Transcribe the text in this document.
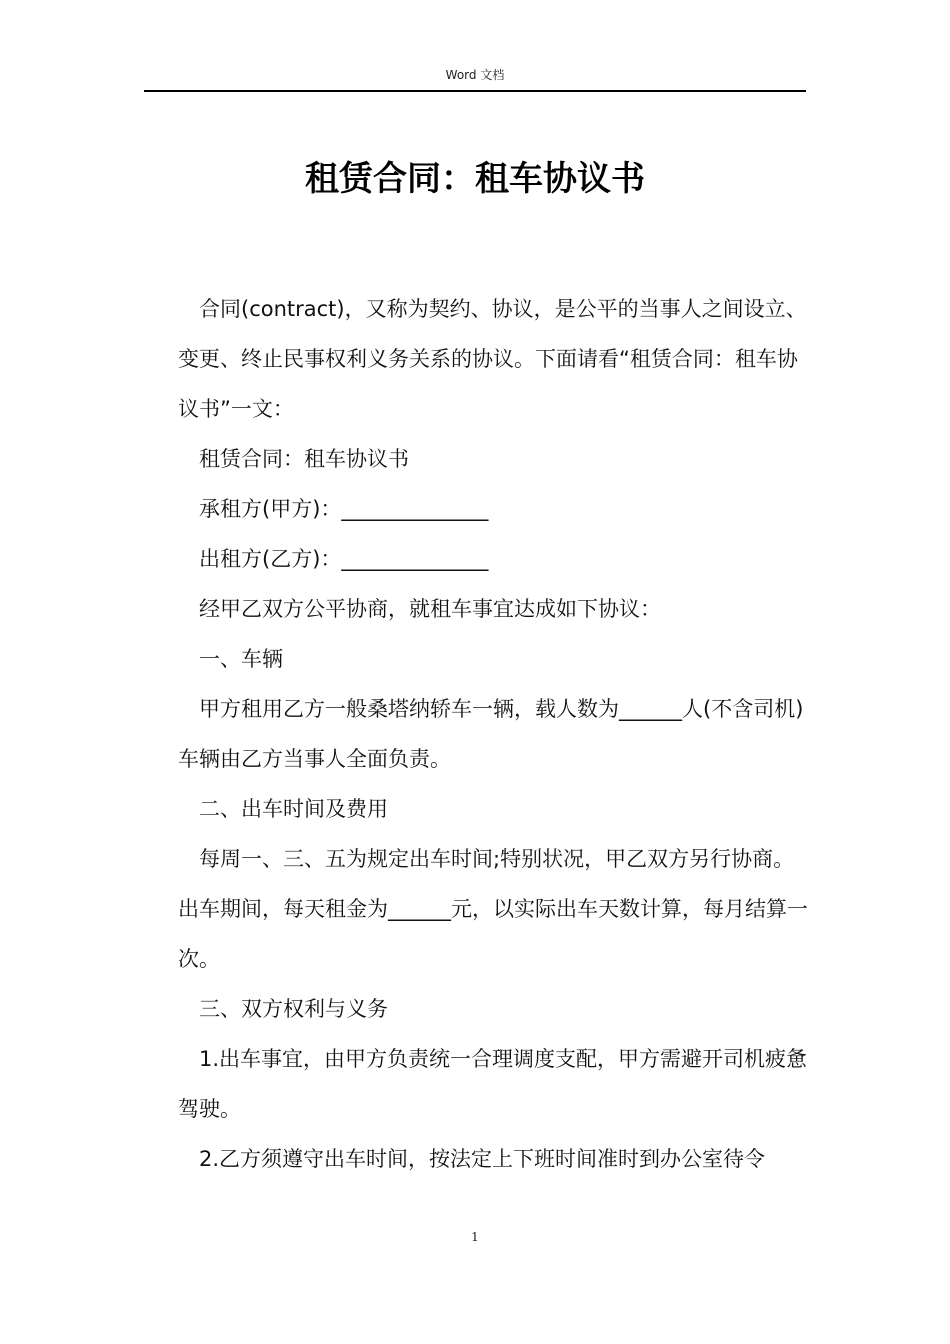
Word 文档
租赁合同：租车协议书

合同(contract)，又称为契约、协议，是公平的当事人之间设立、变更、终止民事权利义务关系的协议。下面请看“租赁合同：租车协议书”一文：

租赁合同：租车协议书

承租方(甲方)：______________

出租方(乙方)：______________

经甲乙双方公平协商，就租车事宜达成如下协议：

一、车辆

甲方租用乙方一般桑塔纳轿车一辆，载人数为______人(不含司机)车辆由乙方当事人全面负责。

二、出车时间及费用

每周一、三、五为规定出车时间;特别状况，甲乙双方另行协商。出车期间，每天租金为______元，以实际出车天数计算，每月结算一次。

三、双方权利与义务

1.出车事宜，由甲方负责统一合理调度支配，甲方需避开司机疲惫驾驶。

2.乙方须遵守出车时间，按法定上下班时间准时到办公室待令

1
